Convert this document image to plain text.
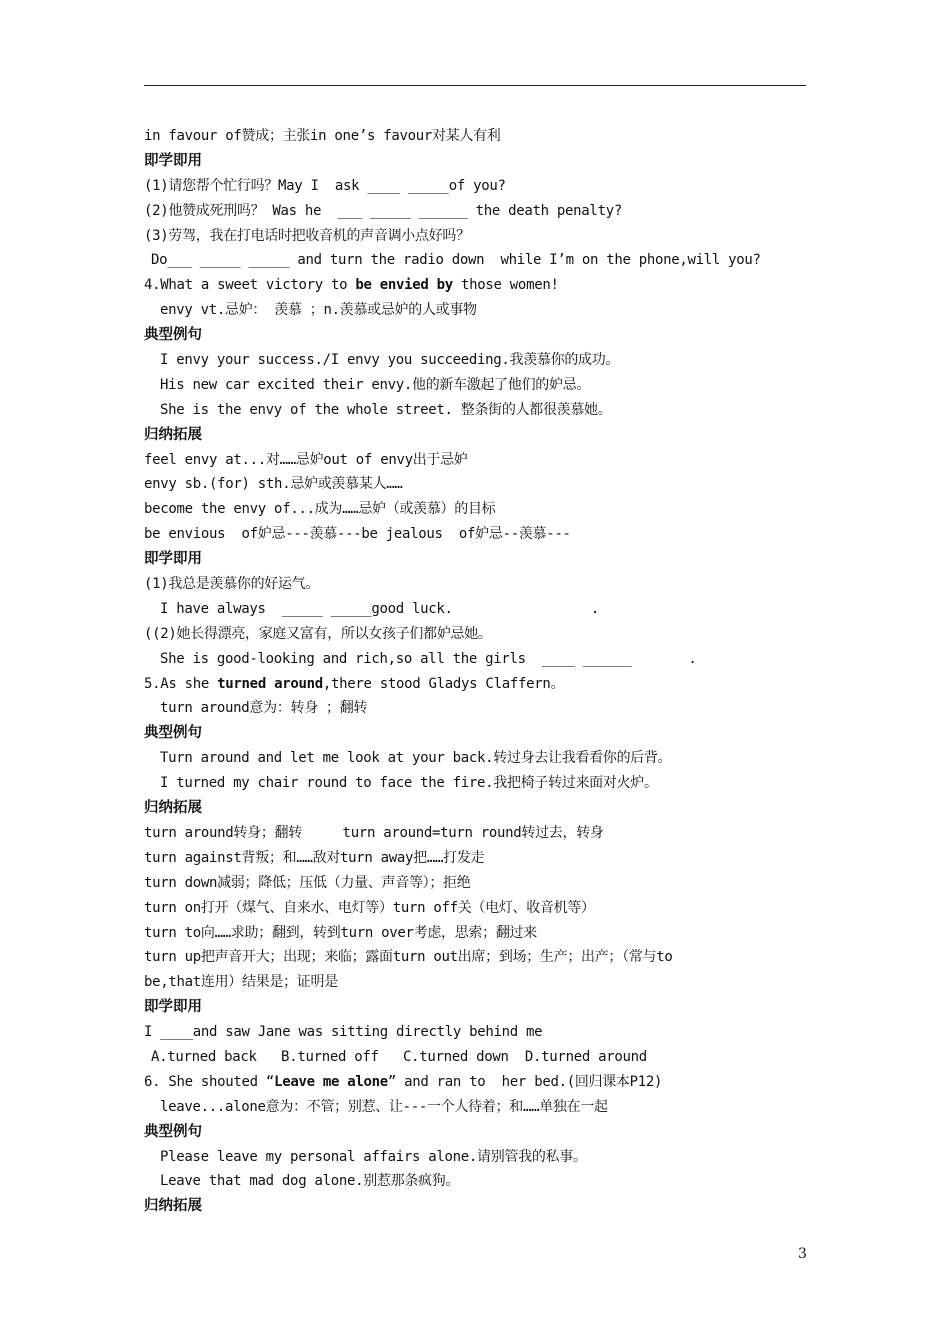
in favour of赞成；主张in one’s favour对某人有利
即学即用
(1)请您帮个忙行吗？May I  ask ____ _____of you?
(2)他赞成死刑吗？ Was he  ___ _____ ______ the death penalty?
(3)劳驾，我在打电话时把收音机的声音调小点好吗？
Do___ _____ _____ and turn the radio down  while I’m on the phone,will you?
4.What a sweet victory to be envied by those women!
envy vt.忌妒： 羡慕 ；n.羡慕或忌妒的人或事物
典型例句
I envy your success./I envy you succeeding.我羡慕你的成功。
His new car excited their envy.他的新车激起了他们的妒忌。
She is the envy of the whole street. 整条街的人都很羡慕她。
归纳拓展
feel envy at...对……忌妒out of envy出于忌妒
envy sb.(for) sth.忌妒或羡慕某人……
become the envy of...成为……忌妒（或羡慕）的目标
be envious  of妒忌---羡慕---be jealous  of妒忌--羡慕---
即学即用
(1)我总是羡慕你的好运气。
I have always  _____ _____good luck.                 .
((2)她长得漂亮，家庭又富有，所以女孩子们都妒忌她。
She is good-looking and rich,so all the girls  ____ ______       .
5.As she turned around,there stood Gladys Claffern。
turn around意为：转身 ；翻转
典型例句
Turn around and let me look at your back.转过身去让我看看你的后背。
I turned my chair round to face the fire.我把椅子转过来面对火炉。
归纳拓展
turn around转身；翻转     turn around=turn round转过去，转身
turn against背叛；和……敌对turn away把……打发走
turn down减弱；降低；压低（力量、声音等）；拒绝
turn on打开（煤气、自来水、电灯等）turn off关（电灯、收音机等）
turn to向……求助；翻到，转到turn over考虑，思索；翻过来
turn up把声音开大；出现；来临；露面turn out出席；到场；生产；出产；（常与to
be,that连用）结果是；证明是
即学即用
I ____and saw Jane was sitting directly behind me
A.turned back   B.turned off   C.turned down  D.turned around
6. She shouted “Leave me alone” and ran to  her bed.(回归课本P12)
leave...alone意为：不管；别惹、让---一个人待着；和……单独在一起
典型例句
Please leave my personal affairs alone.请别管我的私事。
Leave that mad dog alone.别惹那条疯狗。
归纳拓展
3
